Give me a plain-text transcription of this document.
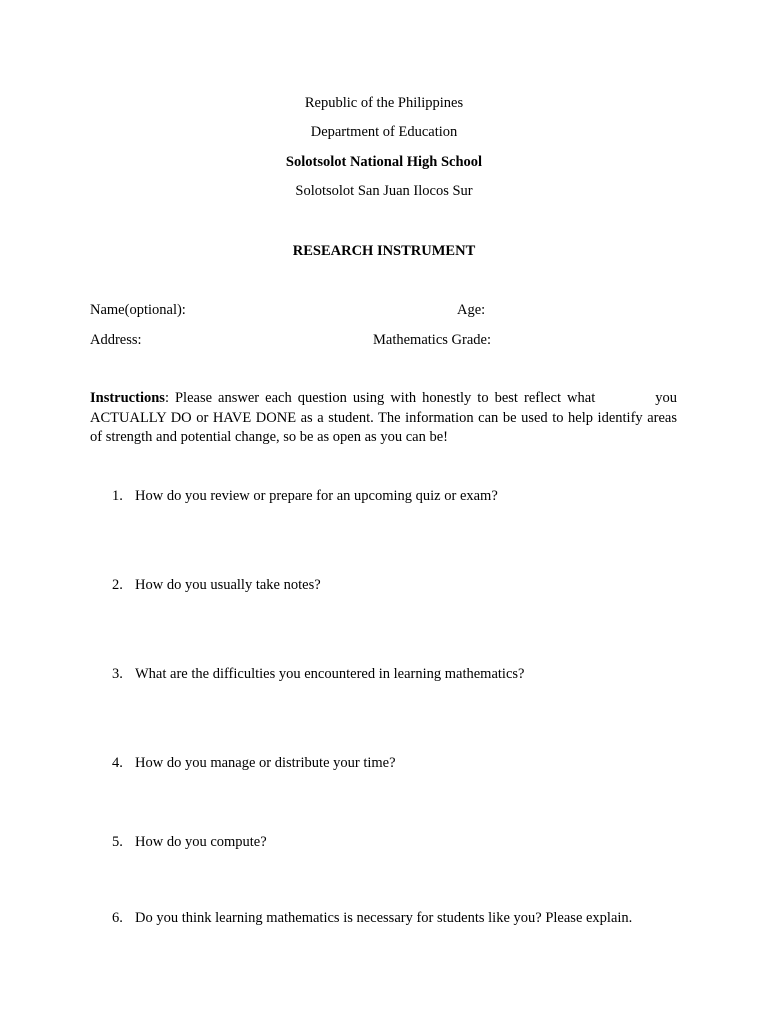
Republic of the Philippines
Department of Education
Solotsolot National High School
Solotsolot San Juan Ilocos Sur
RESEARCH INSTRUMENT
Name(optional):	Age:
Address:	Mathematics Grade:
Instructions: Please answer each question using with honestly to best reflect what	you ACTUALLY DO or HAVE DONE as a student. The information can be used to help identify areas of strength and potential change, so be as open as you can be!
1. How do you review or prepare for an upcoming quiz or exam?
2. How do you usually take notes?
3. What are the difficulties you encountered in learning mathematics?
4. How do you manage or distribute your time?
5. How do you compute?
6. Do you think learning mathematics is necessary for students like you? Please explain.
